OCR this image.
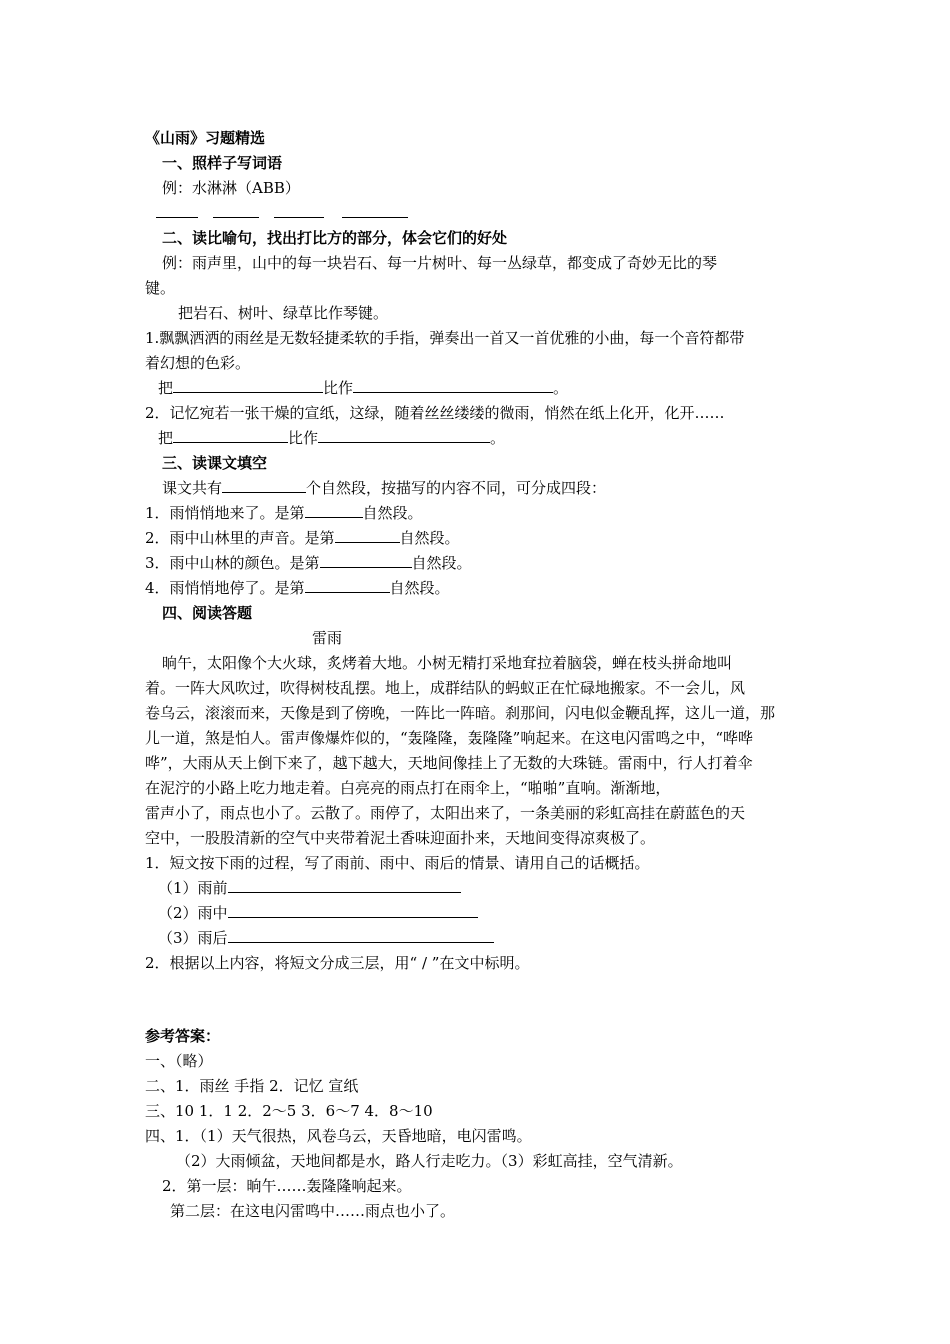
《山雨》习题精选
一、照样子写词语
例：水淋淋（ABB）

二、读比喻句，找出打比方的部分，体会它们的好处
例：雨声里，山中的每一块岩石、每一片树叶、每一丛绿草，都变成了奇妙无比的琴
键。
把岩石、树叶、绿草比作琴键。
1.飘飘洒洒的雨丝是无数轻捷柔软的手指，弹奏出一首又一首优雅的小曲，每一个音符都带
着幻想的色彩。
把	比作	。
2．记忆宛若一张干燥的宣纸，这绿，随着丝丝缕缕的微雨，悄然在纸上化开，化开……
把	比作	。
三、读课文填空
课文共有	个自然段，按描写的内容不同，可分成四段：
1．雨悄悄地来了。是第	自然段。
2．雨中山林里的声音。是第	自然段。
3．雨中山林的颜色。是第	自然段。
4．雨悄悄地停了。是第	自然段。
四、阅读答题
雷雨
晌午，太阳像个大火球，炙烤着大地。小树无精打采地耷拉着脑袋，蝉在枝头拼命地叫
着。一阵大风吹过，吹得树枝乱摆。地上，成群结队的蚂蚁正在忙碌地搬家。不一会儿，风
卷乌云，滚滚而来，天像是到了傍晚，一阵比一阵暗。刹那间，闪电似金鞭乱挥，这儿一道，那
儿一道，煞是怕人。雷声像爆炸似的，“轰隆隆，轰隆隆”响起来。在这电闪雷鸣之中，“哗哗
哗”，大雨从天上倒下来了，越下越大，天地间像挂上了无数的大珠链。雷雨中，行人打着伞
在泥泞的小路上吃力地走着。白亮亮的雨点打在雨伞上，“啪啪”直响。渐渐地，
雷声小了，雨点也小了。云散了。雨停了，太阳出来了，一条美丽的彩虹高挂在蔚蓝色的天
空中，一股股清新的空气中夹带着泥土香味迎面扑来，天地间变得凉爽极了。
1．短文按下雨的过程，写了雨前、雨中、雨后的情景、请用自己的话概括。
（1）雨前
（2）雨中
（3）雨后
2．根据以上内容，将短文分成三层，用“ / ”在文中标明。
参考答案：
一、（略）
二、1．雨丝 手指 2．记忆 宣纸
三、10 1．1 2．2～5 3．6～7 4．8～10
四、1．（1）天气很热，风卷乌云，天昏地暗，电闪雷鸣。
（2）大雨倾盆，天地间都是水，路人行走吃力。（3）彩虹高挂，空气清新。
2．第一层：晌午……轰隆隆响起来。
第二层：在这电闪雷鸣中……雨点也小了。
